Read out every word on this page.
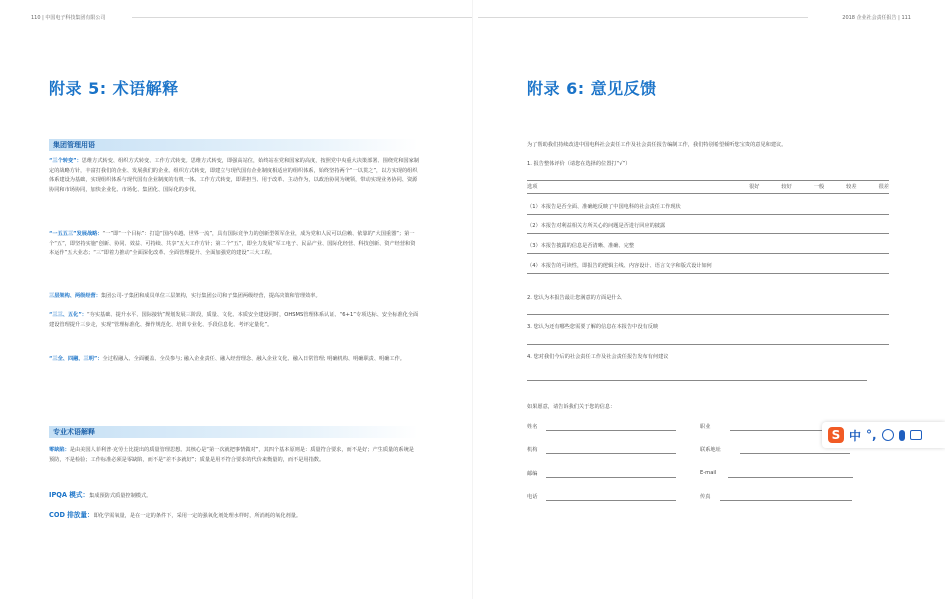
110 | 中国电子科技集团有限公司	2018 企业社会责任报告 | 111
附录 5: 术语解释
集团管理用语
“三个转变”：思维方式转变、组织方式转变、工作方式转变。思维方式转变，即强高站位，始终站在党和国家的高度，按照党中央重大决策部署、围绕党和国家制定的战略方针，丰富打我们的企业、发展我们的企业。组织方式转变，即建立与现代国有企业制度相适应的组织体系，始终坚持两个“一以贯之”，以方实现的组织体系建设为基础，实现组织体系与现代国有企业制度的有机一体。工作方式转变，即讲担当、用于改革、主动作为，以政治协同为统领，带动实现业务协同、资源协同和市场协同，加快企业化、市场化、集团化、国际化的步伐。
“一五五三”发展战略：“一”即“一个目标”：打造“国内卓越、世界一流”，具有国际竞争力的创新型领军企业，成为党和人民可以信赖、依靠的“大国重器”；第一个“五”，即坚持实施“创新、协同、效益、可持续、共享”五大工作方针；第二个“五”，即全力发展“军工电子、民品产业、国际化经营、科技创新、资产经营和资本运作”五大业态；“三”即着力推动“全面深化改革、全面管理提升、全面加强党的建设”三大工程。
三层架构、两级经营：集团公司-子集团和成员单位三层架构，实行集团公司和子集团两级经营，提高决策和管理效率。
“三三、五化”：“夯实基础、提升水平、国际接轨”规划发展三阶段，质量、文化、本质安全建设同时，OHSMS管理体系认证、“6+1”专项达标、安全标准化全面建设管理提升三步走，实现“管理标准化、操作规范化、培训专业化、手段信息化、考评定量化”。
“三全、四融、三明”：全过程融入、全面覆盖、全员参与; 融入企业责任、融入经营理念、融入企业文化、融入日常管理; 明确机构、明确职责、明确工作。
专业术语解释
零缺陷：是由美国人菲利普·克劳士比提出的质量管理思想。其核心是“第一次就把事情做对”，其四个基本原则是：质量符合要求，而不是好；产生质量的系统是预防，不是检验；工作标准必须是零缺陷，而不是“差不多就好”；质量是用不符合要求的代价来衡量的，而不是用指数。
IPQA 模式：集成预防式质量控制模式。
COD 排放量：即化学需氧量，是在一定的条件下，采用一定的强氧化剂处理水样时，所消耗的氧化剂量。
附录 6: 意见反馈
为了帮助我们持续改进中国电科社会责任工作及社会责任报告编制工作，我们特别希望倾听您宝贵的意见和建议。
1. 报告整体评价（请您在选择的位置打“√”）
选项	很好	较好	一般	较差	很差
（1）本报告是否全面、准确地反映了中国电科的社会责任工作现状
（2）本报告对利益相关方所关心的问题是否进行回应的披露
（3）本报告披露的信息是否清晰、准确、完整
（4）本报告的可读性，即报告的逻辑主线、内容设计、语言文字和版式设计如何
2. 您认为本报告最让您满意的方面是什么
3. 您认为还有哪些您需要了解的信息在本报告中没有反映
4. 您对我们今后的社会责任工作及社会责任报告发布有何建议
如果愿意，请告诉我们关于您的信息：
姓名	职业
机构	联系地址
邮编	E-mail
电话	传真
S 中 °,
